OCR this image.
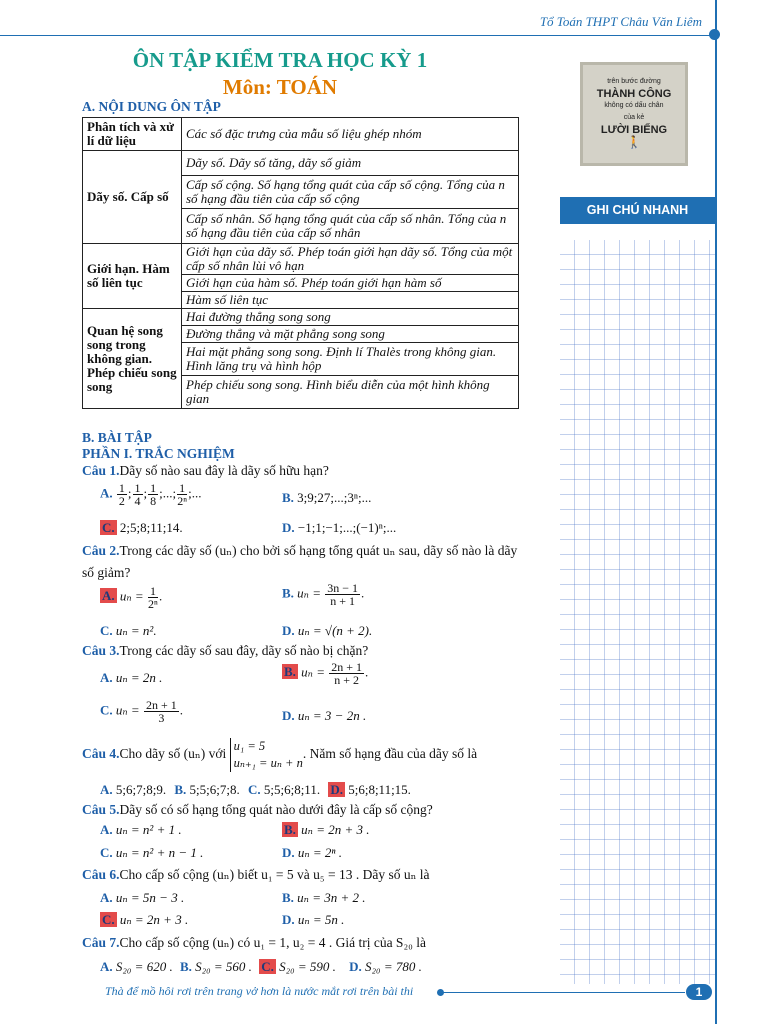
Tổ Toán THPT Châu Văn Liêm
ÔN TẬP KIỂM TRA HỌC KỲ 1
Môn: TOÁN
A. NỘI DUNG ÔN TẬP
Phân tích và xử lí dữ liệu	Các số đặc trưng của mẫu số liệu ghép nhóm
Dãy số. Cấp số	Dãy số. Dãy số tăng, dãy số giảm
	Cấp số cộng. Số hạng tổng quát của cấp số cộng. Tổng của n số hạng đầu tiên của cấp số cộng
	Cấp số nhân. Số hạng tổng quát của cấp số nhân. Tổng của n số hạng đầu tiên của cấp số nhân
Giới hạn. Hàm số liên tục	Giới hạn của dãy số. Phép toán giới hạn dãy số. Tổng của một cấp số nhân lùi vô hạn
	Giới hạn của hàm số. Phép toán giới hạn hàm số
	Hàm số liên tục
Quan hệ song song trong không gian. Phép chiếu song song	Hai đường thẳng song song
	Đường thẳng và mặt phẳng song song
	Hai mặt phẳng song song. Định lí Thalès trong không gian. Hình lăng trụ và hình hộp
	Phép chiếu song song. Hình biểu diễn của một hình không gian
B. BÀI TẬP
PHẦN I. TRẮC NGHIỆM
Câu 1.Dãy số nào sau đây là dãy số hữu hạn?
A. $\frac{1}{2}$ ; $\frac{1}{4}$ ; $\frac{1}{8}$ ;...; $\frac{1}{\text{2ⁿ}}$ ;...	B. 3;9;27;...;3ⁿ;...
C. 2;5;8;11;14.	D. −1;1;−1;...;(−1)ⁿ;...
Câu 2.Trong các dãy số (uₙ) cho bởi số hạng tổng quát uₙ sau, dãy số nào là dãy
số giảm?
A. $u_n = \frac{1}{\text{2ⁿ}}$ .	B. $u_n = \frac{3n - 1}{n + 1}$ .
C. uₙ = n².	D. uₙ = √(n + 2).
Câu 3.Trong các dãy số sau đây, dãy số nào bị chặn?
A. uₙ = 2n .	B. $u_n = \frac{2n + 1}{n + 2}$ .
C. $u_n = \frac{2n + 1}{3}$ .	D. uₙ = 3 − 2n .
Câu 4.Cho dãy số (uₙ) với u₁ = 5
uₙ₊₁ = uₙ + n. Năm số hạng đầu của dãy số là
A. 5;6;7;8;9. B. 5;5;6;7;8. C. 5;5;6;8;11. D. 5;6;8;11;15.
Câu 5.Dãy số có số hạng tổng quát nào dưới đây là cấp số cộng?
A. uₙ = n² + 1 .	B. uₙ = 2n + 3 .
C. uₙ = n² + n − 1 .	D. uₙ = 2ⁿ .
Câu 6.Cho cấp số cộng (uₙ) biết u₁ = 5 và u₅ = 13 . Dãy số uₙ là
A. uₙ = 5n − 3 .	B. uₙ = 3n + 2 .
C. uₙ = 2n + 3 .	D. uₙ = 5n .
Câu 7.Cho cấp số cộng (uₙ) có u₁ = 1, u₂ = 4 . Giá trị của S₂₀ là
A. S₂₀ = 620 . B. S₂₀ = 560 . C. S₂₀ = 590 . D. S₂₀ = 780 .
trên bước đường
THÀNH CÔNG
không có dấu chân
của kẻ
LƯỜI BIẾNG
🚶
GHI CHÚ NHANH
Thà để mồ hôi rơi trên trang vở hơn là nước mắt rơi trên bài thi	1
